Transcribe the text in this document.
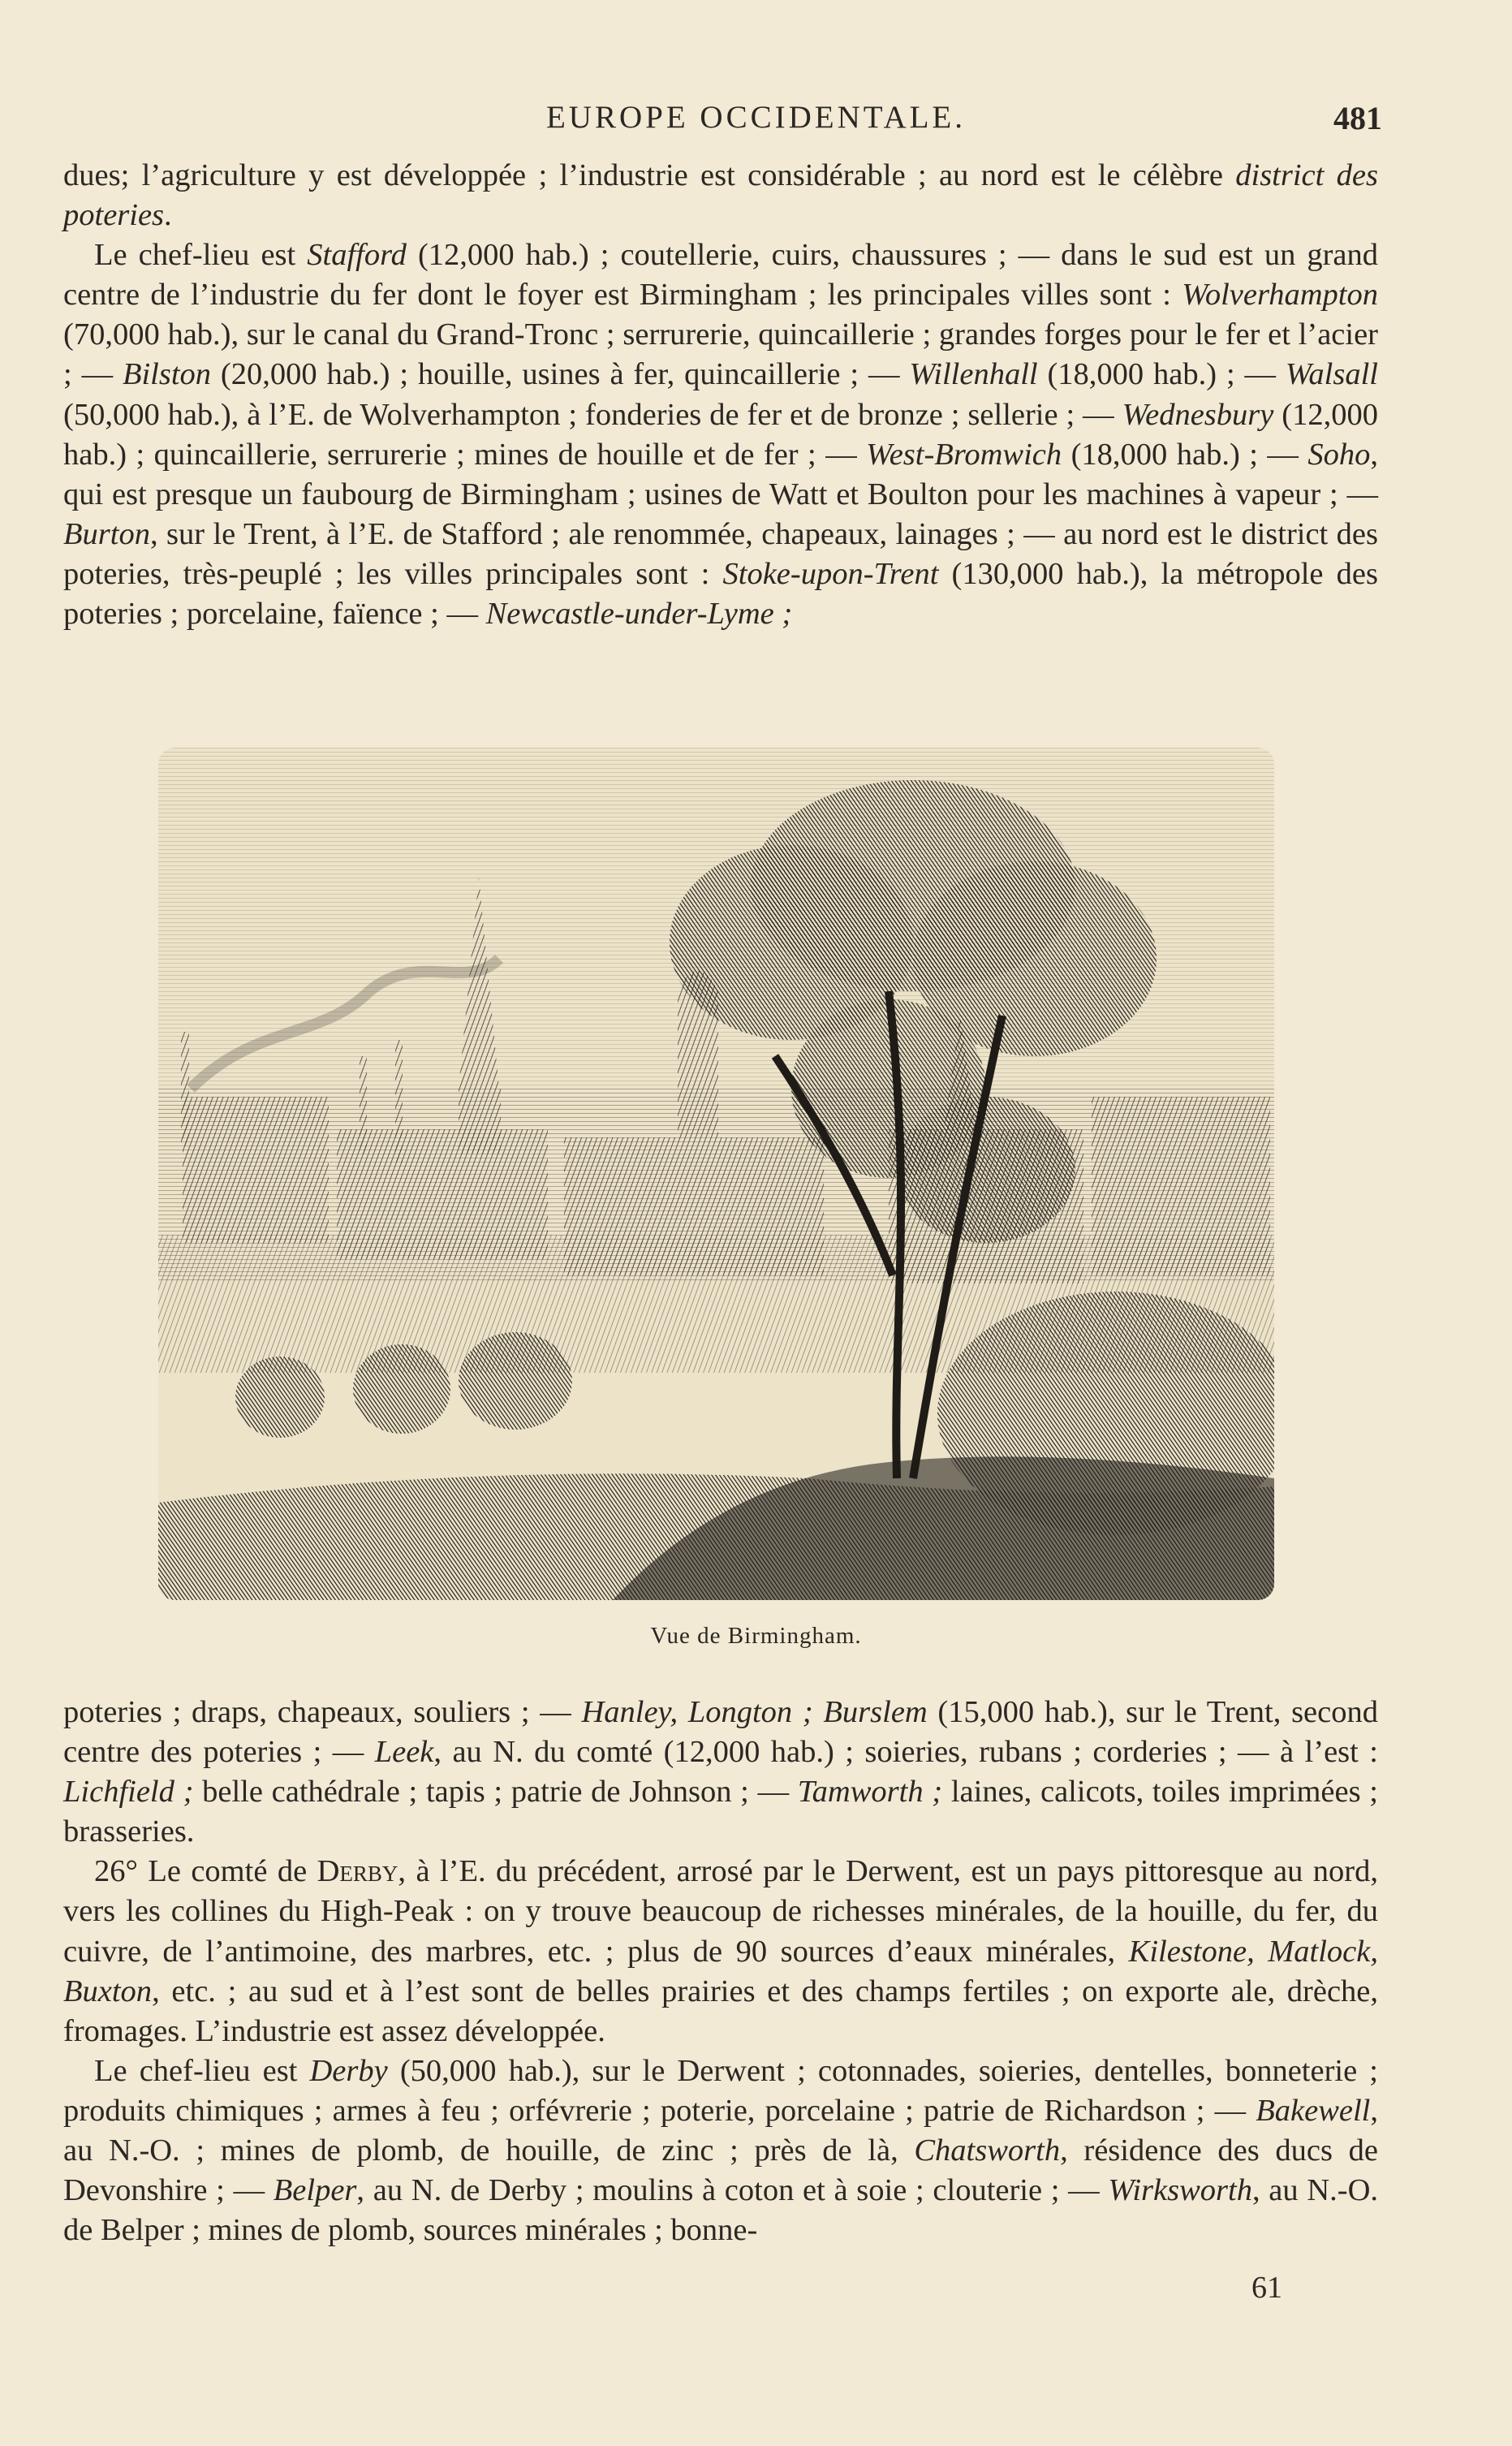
EUROPE OCCIDENTALE.	481

dues; l’agriculture y est développée ; l’industrie est considérable ; au nord est le célèbre district des poteries.

Le chef-lieu est Stafford (12,000 hab.) ; coutellerie, cuirs, chaussures ; — dans le sud est un grand centre de l’industrie du fer dont le foyer est Birmingham ; les principales villes sont : Wolverhampton (70,000 hab.), sur le canal du Grand-Tronc ; serrurerie, quincaillerie ; grandes forges pour le fer et l’acier ; — Bilston (20,000 hab.) ; houille, usines à fer, quincaillerie ; — Willenhall (18,000 hab.) ; — Walsall (50,000 hab.), à l’E. de Wolverhampton ; fonderies de fer et de bronze ; sellerie ; — Wednesbury (12,000 hab.) ; quincaillerie, serrurerie ; mines de houille et de fer ; — West-Bromwich (18,000 hab.) ; — Soho, qui est presque un faubourg de Birmingham ; usines de Watt et Boulton pour les machines à vapeur ; — Burton, sur le Trent, à l’E. de Stafford ; ale renommée, chapeaux, lainages ; — au nord est le district des poteries, très-peuplé ; les villes principales sont : Stoke-upon-Trent (130,000 hab.), la métropole des poteries ; porcelaine, faïence ; — Newcastle-under-Lyme ;

Vue de Birmingham.

poteries ; draps, chapeaux, souliers ; — Hanley, Longton ; Burslem (15,000 hab.), sur le Trent, second centre des poteries ; — Leek, au N. du comté (12,000 hab.) ; soieries, rubans ; corderies ; — à l’est : Lichfield ; belle cathédrale ; tapis ; patrie de Johnson ; — Tamworth ; laines, calicots, toiles imprimées ; brasseries.

26° Le comté de Derby, à l’E. du précédent, arrosé par le Derwent, est un pays pittoresque au nord, vers les collines du High-Peak : on y trouve beaucoup de richesses minérales, de la houille, du fer, du cuivre, de l’antimoine, des marbres, etc. ; plus de 90 sources d’eaux minérales, Kilestone, Matlock, Buxton, etc. ; au sud et à l’est sont de belles prairies et des champs fertiles ; on exporte ale, drèche, fromages. L’industrie est assez développée.

Le chef-lieu est Derby (50,000 hab.), sur le Derwent ; cotonnades, soieries, dentelles, bonneterie ; produits chimiques ; armes à feu ; orfévrerie ; poterie, porcelaine ; patrie de Richardson ; — Bakewell, au N.-O. ; mines de plomb, de houille, de zinc ; près de là, Chatsworth, résidence des ducs de Devonshire ; — Belper, au N. de Derby ; moulins à coton et à soie ; clouterie ; — Wirksworth, au N.-O. de Belper ; mines de plomb, sources minérales ; bonne-

61
